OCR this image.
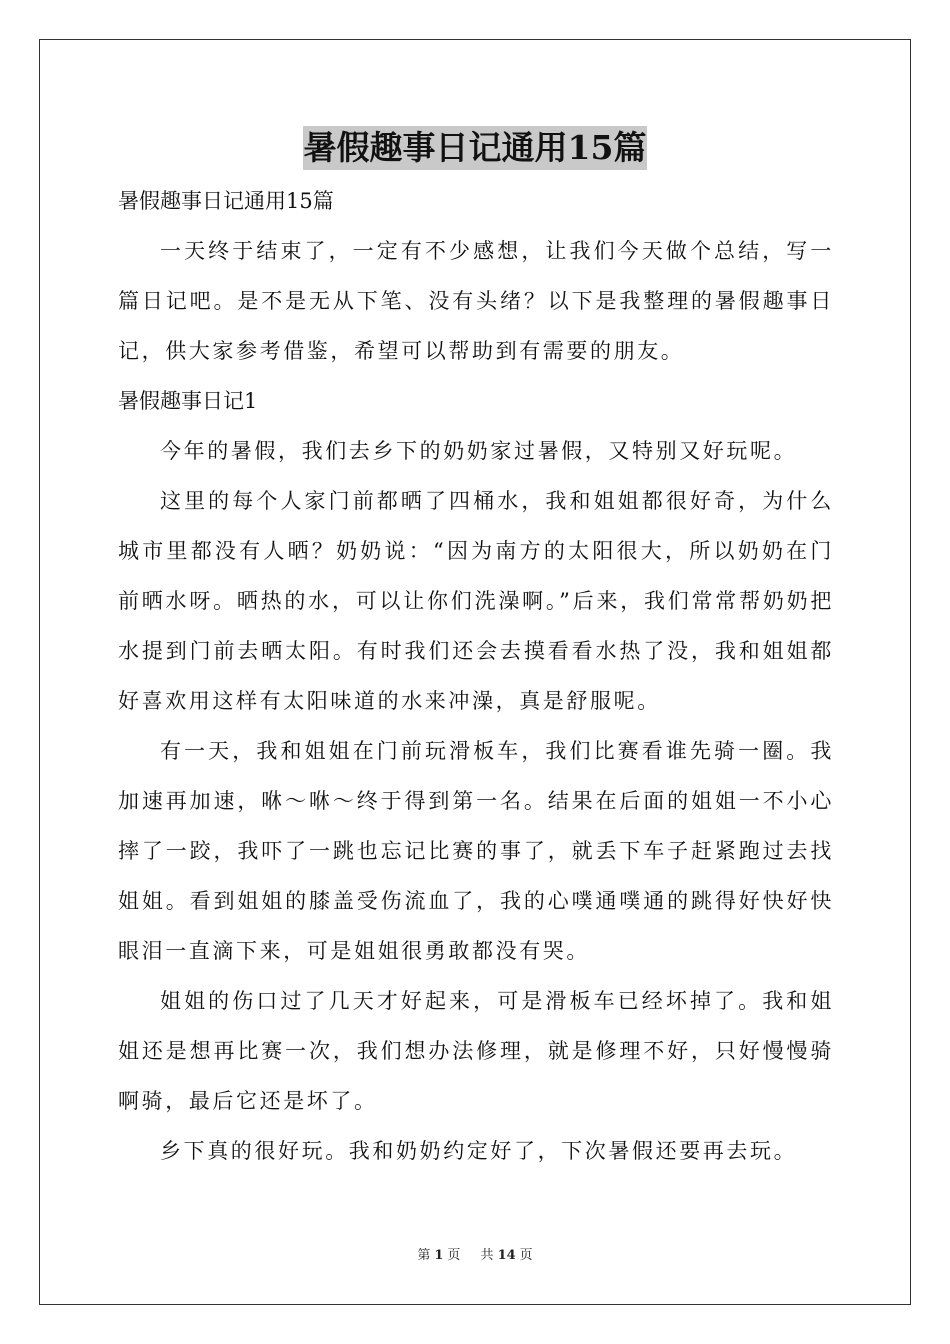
暑假趣事日记通用15篇
暑假趣事日记通用15篇

一天终于结束了，一定有不少感想，让我们今天做个总结，写一篇日记吧。是不是无从下笔、没有头绪？以下是我整理的暑假趣事日记，供大家参考借鉴，希望可以帮助到有需要的朋友。

暑假趣事日记1

今年的暑假，我们去乡下的奶奶家过暑假，又特别又好玩呢。

这里的每个人家门前都晒了四桶水，我和姐姐都很好奇，为什么城市里都没有人晒？奶奶说：“因为南方的太阳很大，所以奶奶在门前晒水呀。晒热的水，可以让你们洗澡啊。”后来，我们常常帮奶奶把水提到门前去晒太阳。有时我们还会去摸看看水热了没，我和姐姐都好喜欢用这样有太阳味道的水来冲澡，真是舒服呢。

有一天，我和姐姐在门前玩滑板车，我们比赛看谁先骑一圈。我加速再加速，咻～咻～终于得到第一名。结果在后面的姐姐一不小心摔了一跤，我吓了一跳也忘记比赛的事了，就丢下车子赶紧跑过去找姐姐。看到姐姐的膝盖受伤流血了，我的心噗通噗通的跳得好快好快眼泪一直滴下来，可是姐姐很勇敢都没有哭。

姐姐的伤口过了几天才好起来，可是滑板车已经坏掉了。我和姐姐还是想再比赛一次，我们想办法修理，就是修理不好，只好慢慢骑啊骑，最后它还是坏了。

乡下真的很好玩。我和奶奶约定好了，下次暑假还要再去玩。

第 1 页 共 14 页
